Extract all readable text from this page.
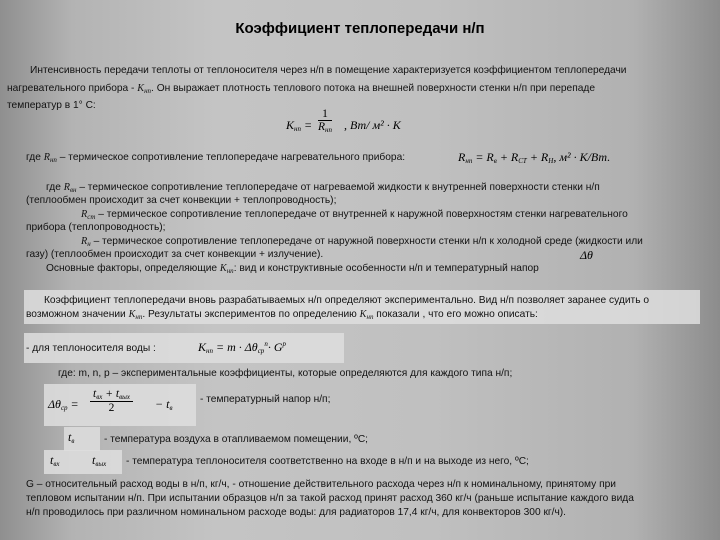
Коэффициент теплопередачи н/п
Интенсивность передачи теплоты от теплоносителя через н/п в помещение характеризуется коэффициентом теплопередачи
нагревательного прибора - $K_{нп}$. Он выражает плотность теплового потока на внешней поверхности стенки н/п при перепаде
температур в 1° С:
$K_{нп}$ =
1
$R_{нп}$ , Вт/ м² · K
где $R_{нп}$ – термическое сопротивление теплопередаче нагревательного прибора:	$R_{нп} = R_в + R_{СТ} + R_Н$, м² · K/Вт.
где $R_{вн}$ – термическое сопротивление теплопередаче от нагреваемой жидкости к внутренней поверхности стенки н/п
(теплообмен происходит за счет конвекции + теплопроводность);
$R_{ст}$ – термическое сопротивление теплопередаче от внутренней к наружной поверхностям стенки нагревательного
прибора (теплопроводность);
$R_н$ – термическое сопротивление теплопередаче от наружной поверхности стенки н/п к холодной среде (жидкости или
газу) (теплообмен происходит за счет конвекции + излучение).	Δθ
Основные факторы, определяющие $K_{нп}$: вид и конструктивные особенности н/п и температурный напор
Коэффициент теплопередачи вновь разрабатываемых н/п определяют экспериментально. Вид н/п позволяет заранее судить о
возможном значении $K_{нп}$. Результаты экспериментов по определению $K_{нп}$ показали , что его можно описать:
- для теплоносителя воды :	$K_{нп} = m \cdot \Delta\theta_{ср}^n\cdot G^p$
где: m, n, p – экспериментальные коэффициенты, которые определяются для каждого типа н/п;
$\Delta\theta_{ср}$ =
$t_{вх} + t_{вых}$
2	− $t_в$
- температурный напор н/п;
$t_в$	- температура воздуха в отапливаемом помещении, ºС;
$t_{вх}$	$t_{вых}$ - температура теплоносителя соответственно на входе в н/п и на выходе из него, ºС;
G – относительный расход воды в н/п, кг/ч, - отношение действительного расхода через н/п к номинальному, принятому при
тепловом испытании н/п. При испытании образцов н/п за такой расход принят расход 360 кг/ч (раньше испытание каждого вида
н/п проводилось при различном номинальном расходе воды: для радиаторов 17,4 кг/ч, для конвекторов 300 кг/ч).
